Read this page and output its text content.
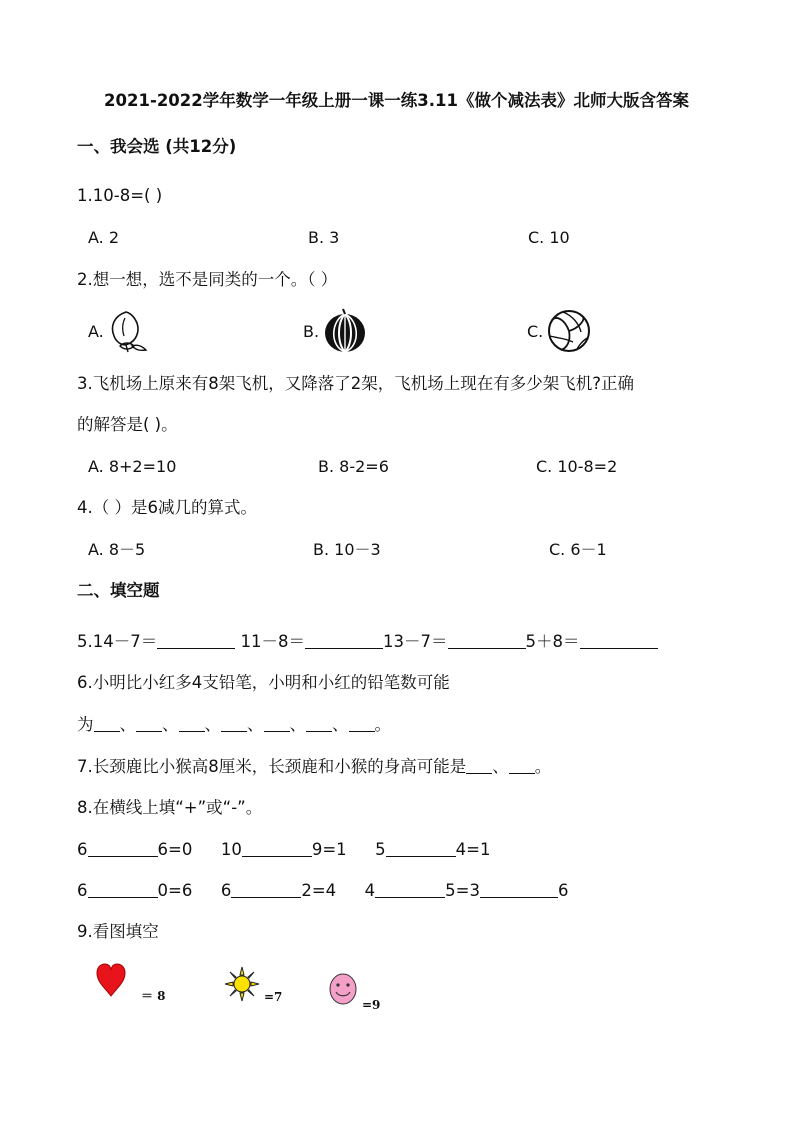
2021-2022学年数学一年级上册一课一练3.11《做个减法表》北师大版含答案
一、我会选 (共12分)
1.10-8=( )
A. 2	B. 3	C. 10
2.想一想，选不是同类的一个。（ ）
A.	B.	C.
3.飞机场上原来有8架飞机，又降落了2架，飞机场上现在有多少架飞机?正确
的解答是( )。
A. 8+2=10	B. 8-2=6	C. 10-8=2
4.（ ）是6减几的算式。
A. 8－5	B. 10－3	C. 6－1
二、填空题
5.14－7＝	11－8＝	13－7＝	5＋8＝
6.小明比小红多4支铅笔，小明和小红的铅笔数可能
为 、 、 、 、 、 、 。
7.长颈鹿比小猴高8厘米，长颈鹿和小猴的身高可能是 、 。
8.在横线上填“+”或“-”。
6	6=0 10	9=1 5	4=1
6	0=6 6	2=4 4	5=3	6
9.看图填空
＝ 8	=7
=9
